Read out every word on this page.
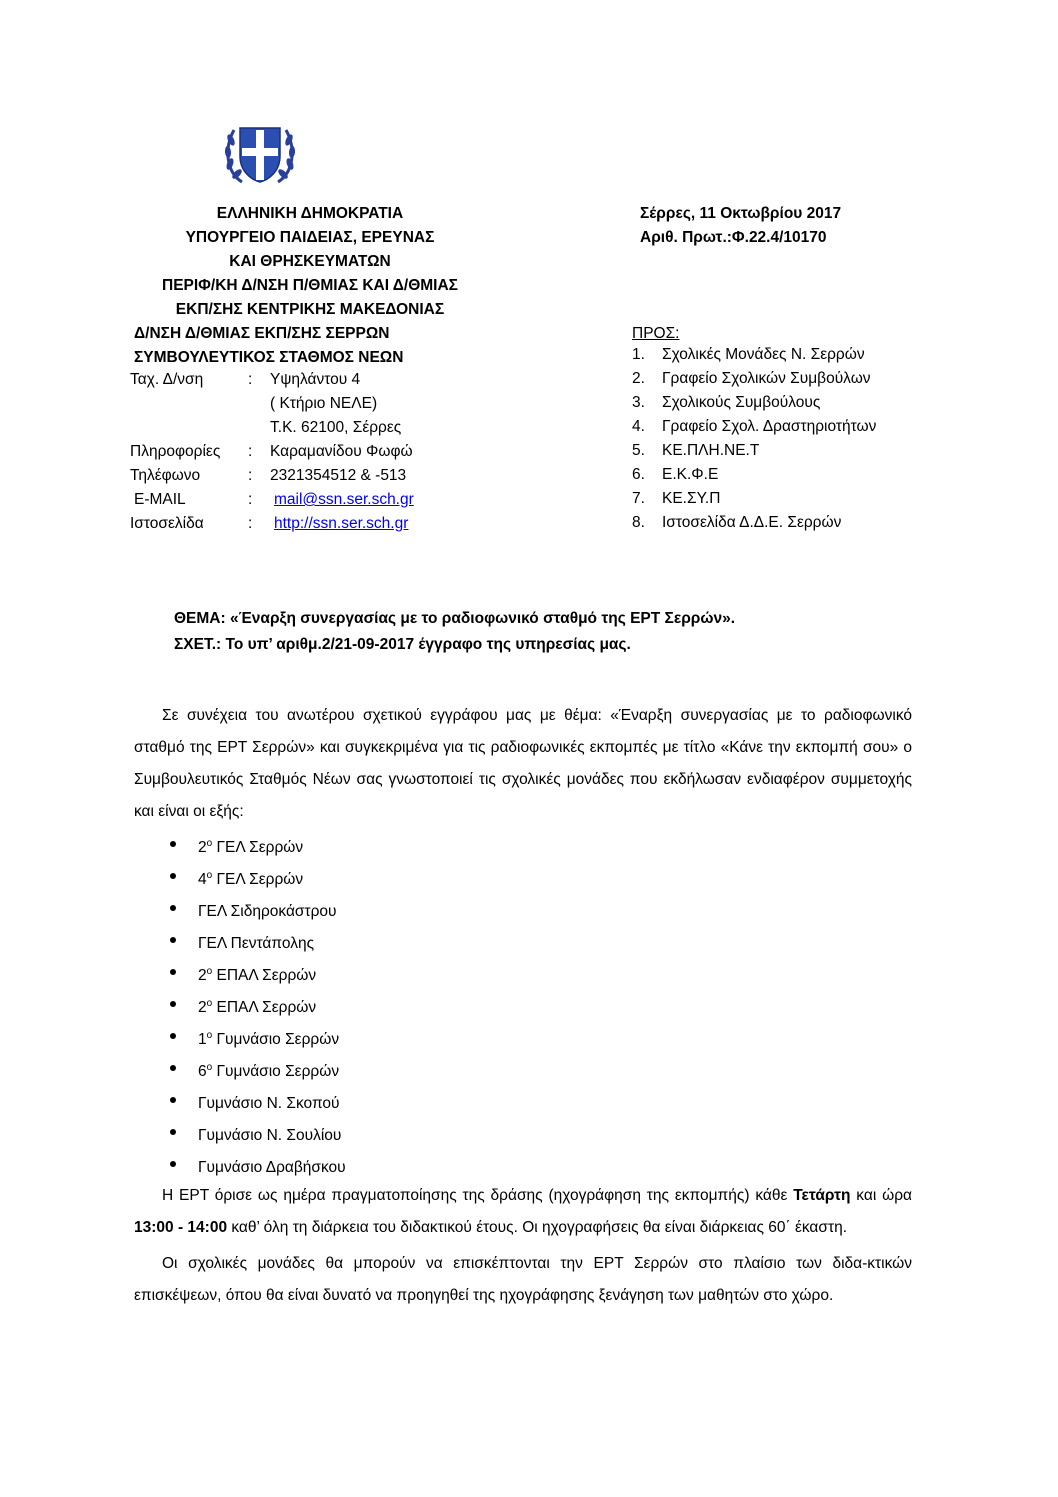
ΕΛΛΗΝΙΚΗ ΔΗΜΟΚΡΑΤΙΑ
ΥΠΟΥΡΓΕΙΟ ΠΑΙΔΕΙΑΣ, ΕΡΕΥΝΑΣ
ΚΑΙ ΘΡΗΣΚΕΥΜΑΤΩΝ
ΠΕΡΙΦ/ΚΗ Δ/ΝΣΗ Π/ΘΜΙΑΣ ΚΑΙ Δ/ΘΜΙΑΣ
ΕΚΠ/ΣΗΣ ΚΕΝΤΡΙΚΗΣ ΜΑΚΕΔΟΝΙΑΣ
Δ/ΝΣΗ Δ/ΘΜΙΑΣ ΕΚΠ/ΣΗΣ ΣΕΡΡΩΝ
ΣΥΜΒΟΥΛΕΥΤΙΚΟΣ ΣΤΑΘΜΟΣ ΝΕΩΝ
Ταχ. Δ/νση	: Υψηλάντου 4
( Κτήριο ΝΕΛΕ)
Τ.Κ. 62100, Σέρρες
Πληροφορίες : Καραμανίδου Φωφώ
Τηλέφωνο	: 2321354512 & -513
E-MAIL	: mail@ssn.ser.sch.gr
Ιστοσελίδα	: http://ssn.ser.sch.gr
Σέρρες, 11 Οκτωβρίου 2017
Αριθ. Πρωτ.:Φ.22.4/10170
ΠΡΟΣ:
1. Σχολικές Μονάδες Ν. Σερρών
2. Γραφείο Σχολικών Συμβούλων
3. Σχολικούς Συμβούλους
4. Γραφείο Σχολ. Δραστηριοτήτων
5. ΚΕ.ΠΛΗ.ΝΕ.Τ
6. Ε.Κ.Φ.Ε
7. ΚΕ.ΣΥ.Π
8. Ιστοσελίδα Δ.Δ.Ε. Σερρών
ΘΕΜΑ: «Έναρξη συνεργασίας με το ραδιοφωνικό σταθμό της ΕΡΤ Σερρών».
ΣΧΕΤ.: Το υπ’ αριθμ.2/21-09-2017 έγγραφο της υπηρεσίας μας.

Σε συνέχεια του ανωτέρου σχετικού εγγράφου μας με θέμα: «Έναρξη συνεργασίας με το ραδιοφωνικό σταθμό της ΕΡΤ Σερρών» και συγκεκριμένα για τις ραδιοφωνικές εκπομπές με τίτλο «Κάνε την εκπομπή σου» ο Συμβουλευτικός Σταθμός Νέων σας γνωστοποιεί τις σχολικές μονάδες που εκδήλωσαν ενδιαφέρον συμμετοχής και είναι οι εξής:

$2^o$ ΓΕΛ Σερρών
$4^o$ ΓΕΛ Σερρών
ΓΕΛ Σιδηροκάστρου
ΓΕΛ Πεντάπολης
$2^o$ ΕΠΑΛ Σερρών
$2^o$ ΕΠΑΛ Σερρών
$1^o$ Γυμνάσιο Σερρών
$6^o$ Γυμνάσιο Σερρών
Γυμνάσιο Ν. Σκοπού
Γυμνάσιο Ν. Σουλίου
Γυμνάσιο Δραβήσκου

Η ΕΡΤ όρισε ως ημέρα πραγματοποίησης της δράσης (ηχογράφηση της εκπομπής) κάθε Τετάρτη και ώρα 13:00 - 14:00 καθ’ όλη τη διάρκεια του διδακτικού έτους. Οι ηχογραφήσεις θα είναι διάρκειας 60΄ έκαστη.

Οι σχολικές μονάδες θα μπορούν να επισκέπτονται την ΕΡΤ Σερρών στο πλαίσιο των διδα-κτικών επισκέψεων, όπου θα είναι δυνατό να προηγηθεί της ηχογράφησης ξενάγηση των μαθητών στο χώρο.
